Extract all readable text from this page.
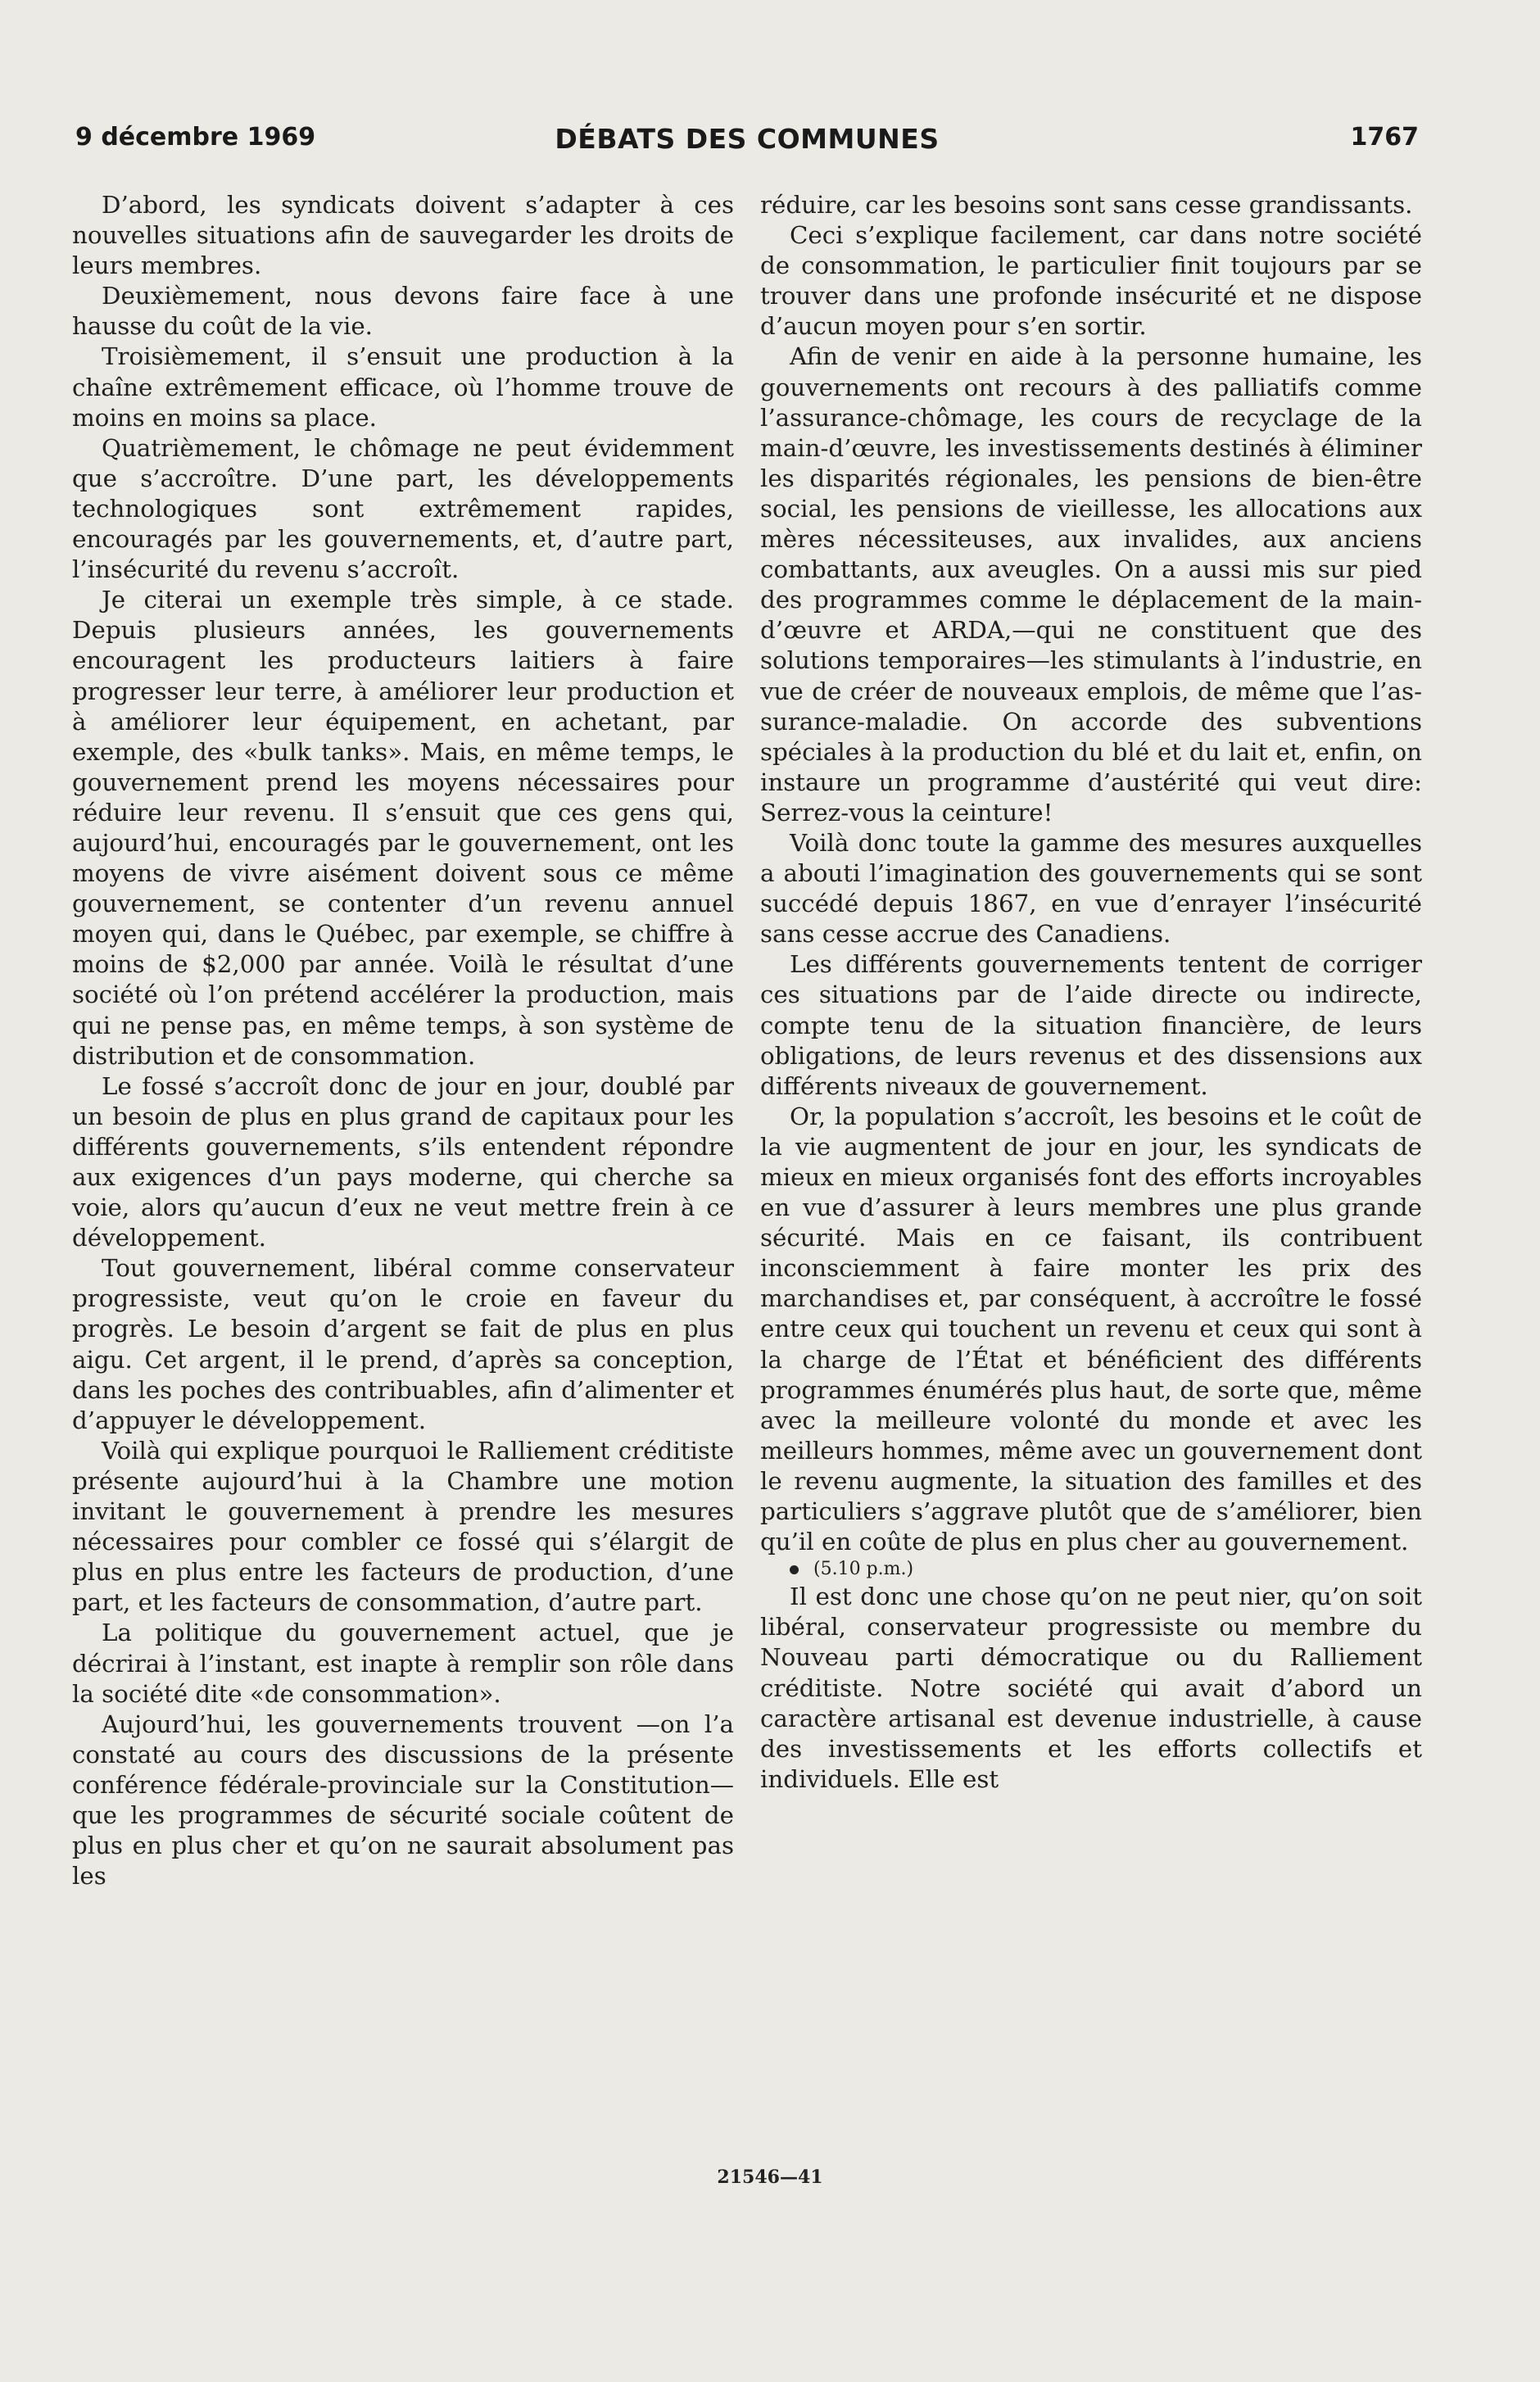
9 décembre 1969	DÉBATS DES COMMUNES	1767

D’abord, les syndicats doivent s’adapter à ces nouvelles situations afin de sauvegarder les droits de leurs membres.

Deuxièmement, nous devons faire face à une hausse du coût de la vie.

Troisièmement, il s’ensuit une production à la chaîne extrêmement efficace, où l’homme trouve de moins en moins sa place.

Quatrièmement, le chômage ne peut évidemment que s’accroître. D’une part, les développements technologiques sont extrêmement rapides, encouragés par les gouvernements, et, d’autre part, l’insécurité du revenu s’accroît.

Je citerai un exemple très simple, à ce stade. Depuis plusieurs années, les gouvernements encouragent les producteurs laitiers à faire progresser leur terre, à améliorer leur production et à améliorer leur équipement, en achetant, par exemple, des «bulk tanks». Mais, en même temps, le gouvernement prend les moyens nécessaires pour réduire leur revenu. Il s’ensuit que ces gens qui, aujourd’hui, encouragés par le gouvernement, ont les moyens de vivre aisément doivent sous ce même gouvernement, se contenter d’un revenu annuel moyen qui, dans le Québec, par exemple, se chiffre à moins de $2,000 par année. Voilà le résultat d’une société où l’on prétend accélérer la production, mais qui ne pense pas, en même temps, à son système de distribution et de consommation.

Le fossé s’accroît donc de jour en jour, doublé par un besoin de plus en plus grand de capitaux pour les différents gouvernements, s’ils entendent répondre aux exigences d’un pays moderne, qui cherche sa voie, alors qu’aucun d’eux ne veut mettre frein à ce développement.

Tout gouvernement, libéral comme conservateur progressiste, veut qu’on le croie en faveur du progrès. Le besoin d’argent se fait de plus en plus aigu. Cet argent, il le prend, d’après sa conception, dans les poches des contribuables, afin d’alimenter et d’appuyer le développement.

Voilà qui explique pourquoi le Ralliement créditiste présente aujourd’hui à la Chambre une motion invitant le gouvernement à prendre les mesures nécessaires pour combler ce fossé qui s’élargit de plus en plus entre les facteurs de production, d’une part, et les facteurs de consommation, d’autre part.

La politique du gouvernement actuel, que je décrirai à l’instant, est inapte à remplir son rôle dans la société dite «de consommation».

Aujourd’hui, les gouvernements trouvent —on l’a constaté au cours des discussions de la présente conférence fédérale-provinciale sur la Constitution—que les programmes de sécurité sociale coûtent de plus en plus cher et qu’on ne saurait absolument pas les

réduire, car les besoins sont sans cesse grandissants.

Ceci s’explique facilement, car dans notre société de consommation, le particulier finit toujours par se trouver dans une profonde insécurité et ne dispose d’aucun moyen pour s’en sortir.

Afin de venir en aide à la personne humaine, les gouvernements ont recours à des palliatifs comme l’assurance-chômage, les cours de recyclage de la main-d’œuvre, les investissements destinés à éliminer les disparités régionales, les pensions de bien-être social, les pensions de vieillesse, les allocations aux mères nécessiteuses, aux invalides, aux anciens combattants, aux aveugles. On a aussi mis sur pied des programmes comme le déplacement de la main-d’œuvre et ARDA,—qui ne constituent que des solutions temporaires—les stimulants à l’industrie, en vue de créer de nouveaux emplois, de même que l’assurance-maladie. On accorde des subventions spéciales à la production du blé et du lait et, enfin, on instaure un programme d’austérité qui veut dire: Serrez-vous la ceinture!

Voilà donc toute la gamme des mesures auxquelles a abouti l’imagination des gouvernements qui se sont succédé depuis 1867, en vue d’enrayer l’insécurité sans cesse accrue des Canadiens.

Les différents gouvernements tentent de corriger ces situations par de l’aide directe ou indirecte, compte tenu de la situation financière, de leurs obligations, de leurs revenus et des dissensions aux différents niveaux de gouvernement.

Or, la population s’accroît, les besoins et le coût de la vie augmentent de jour en jour, les syndicats de mieux en mieux organisés font des efforts incroyables en vue d’assurer à leurs membres une plus grande sécurité. Mais en ce faisant, ils contribuent inconsciemment à faire monter les prix des marchandises et, par conséquent, à accroître le fossé entre ceux qui touchent un revenu et ceux qui sont à la charge de l’État et bénéficient des différents programmes énumérés plus haut, de sorte que, même avec la meilleure volonté du monde et avec les meilleurs hommes, même avec un gouvernement dont le revenu augmente, la situation des familles et des particuliers s’aggrave plutôt que de s’améliorer, bien qu’il en coûte de plus en plus cher au gouvernement.

(5.10 p.m.)

Il est donc une chose qu’on ne peut nier, qu’on soit libéral, conservateur progressiste ou membre du Nouveau parti démocratique ou du Ralliement créditiste. Notre société qui avait d’abord un caractère artisanal est devenue industrielle, à cause des investissements et les efforts collectifs et individuels. Elle est

21546—41
